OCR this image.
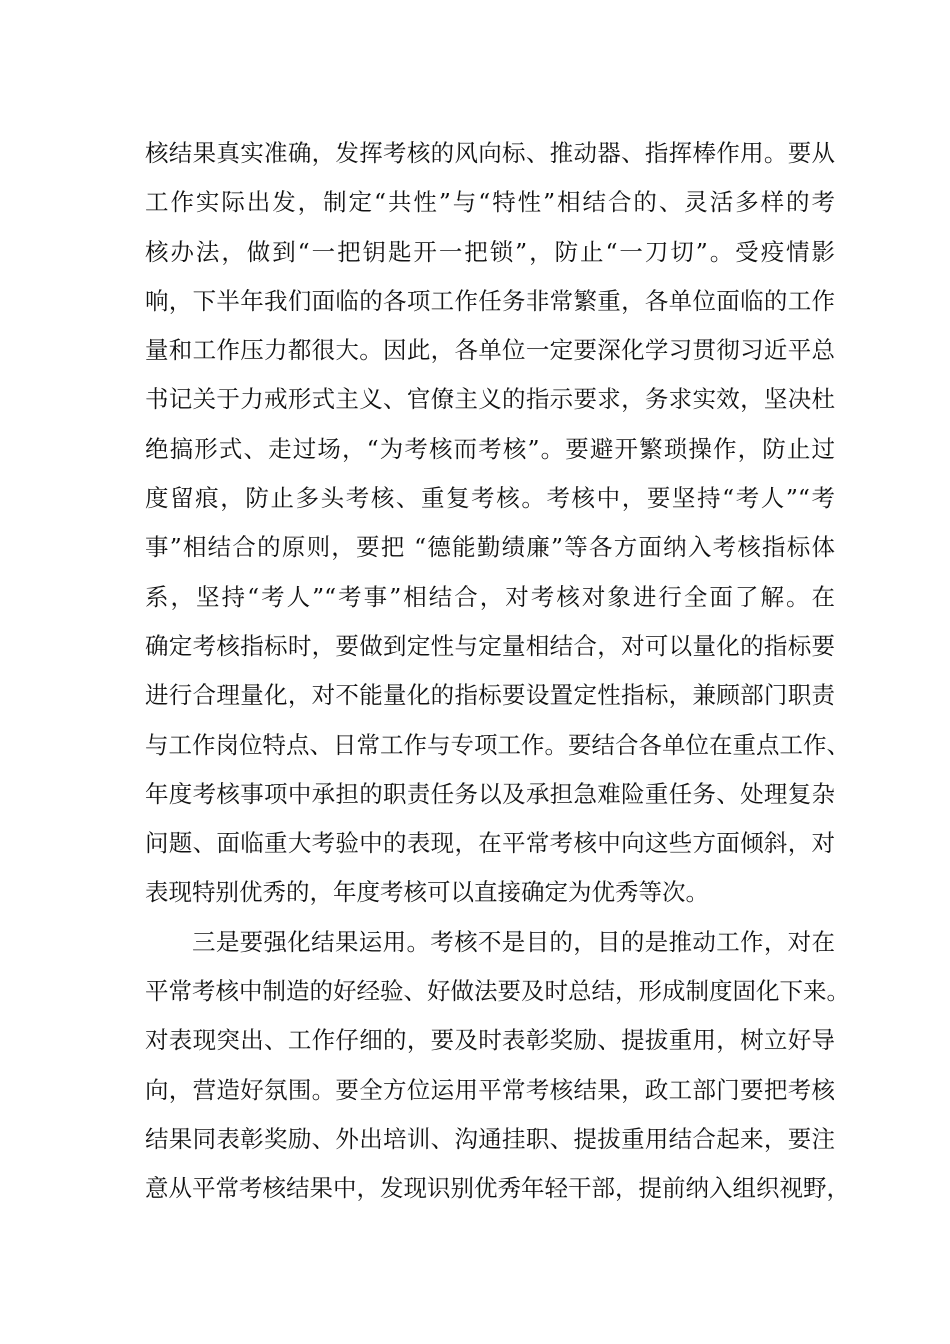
核结果真实准确，发挥考核的风向标、推动器、指挥棒作用。要从
工作实际出发，制定“共性”与“特性”相结合的、灵活多样的考
核办法，做到“一把钥匙开一把锁”，防止“一刀切”。受疫情影
响，下半年我们面临的各项工作任务非常繁重，各单位面临的工作
量和工作压力都很大。因此，各单位一定要深化学习贯彻习近平总
书记关于力戒形式主义、官僚主义的指示要求，务求实效，坚决杜
绝搞形式、走过场，“为考核而考核”。要避开繁琐操作，防止过
度留痕，防止多头考核、重复考核。考核中，要坚持“考人”“考
事”相结合的原则，要把 “德能勤绩廉”等各方面纳入考核指标体
系，坚持“考人”“考事”相结合，对考核对象进行全面了解。在
确定考核指标时，要做到定性与定量相结合，对可以量化的指标要
进行合理量化，对不能量化的指标要设置定性指标，兼顾部门职责
与工作岗位特点、日常工作与专项工作。要结合各单位在重点工作、
年度考核事项中承担的职责任务以及承担急难险重任务、处理复杂
问题、面临重大考验中的表现，在平常考核中向这些方面倾斜，对
表现特别优秀的，年度考核可以直接确定为优秀等次。
三是要强化结果运用。考核不是目的，目的是推动工作，对在
平常考核中制造的好经验、好做法要及时总结，形成制度固化下来。
对表现突出、工作仔细的，要及时表彰奖励、提拔重用，树立好导
向，营造好氛围。要全方位运用平常考核结果，政工部门要把考核
结果同表彰奖励、外出培训、沟通挂职、提拔重用结合起来，要注
意从平常考核结果中，发现识别优秀年轻干部，提前纳入组织视野，
